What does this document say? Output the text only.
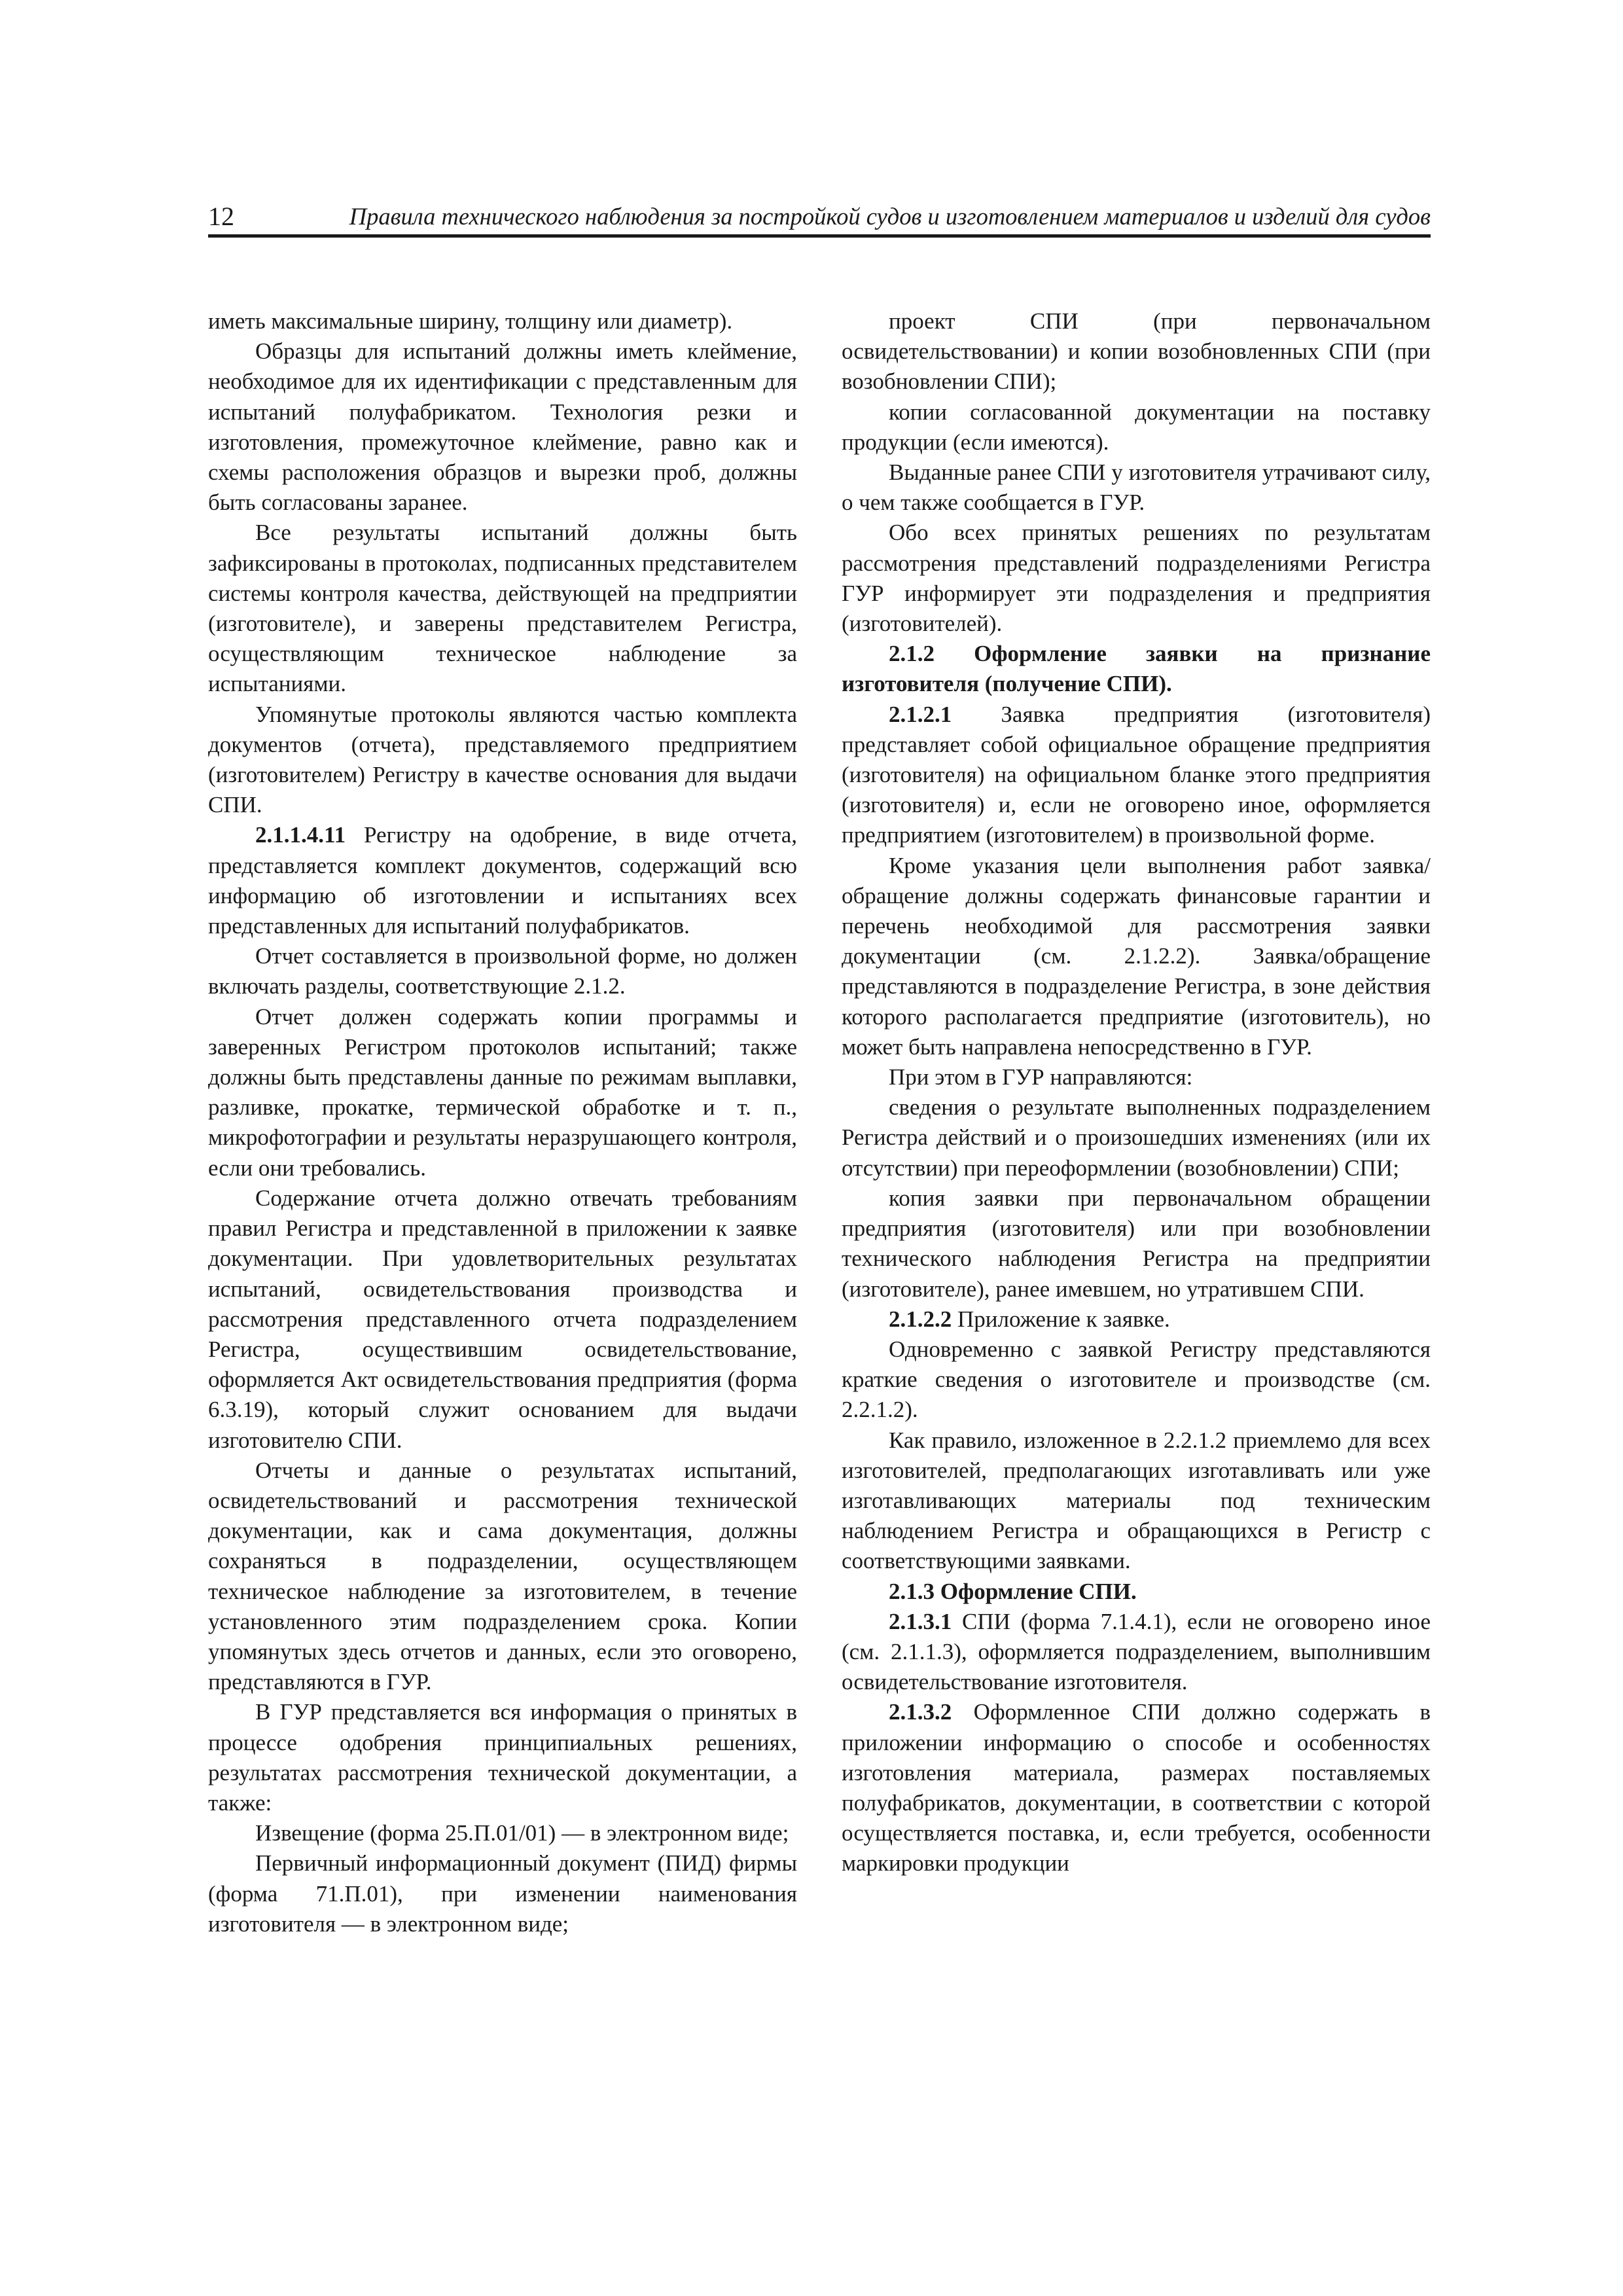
12	Правила технического наблюдения за постройкой судов и изготовлением материалов и изделий для судов

иметь максимальные ширину, толщину или диаметр).

Образцы для испытаний должны иметь клеймение, необходимое для их идентификации с представленным для испытаний полуфабрикатом. Технология резки и изготовления, промежуточное клеймение, равно как и схемы расположения образцов и вырезки проб, должны быть согласованы заранее.

Все результаты испытаний должны быть зафиксированы в протоколах, подписанных представителем системы контроля качества, действующей на предприятии (изготовителе), и заверены представителем Регистра, осуществляющим техническое наблюдение за испытаниями.

Упомянутые протоколы являются частью комплекта документов (отчета), представляемого предприятием (изготовителем) Регистру в качестве основания для выдачи СПИ.

2.1.1.4.11 Регистру на одобрение, в виде отчета, представляется комплект документов, содержащий всю информацию об изготовлении и испытаниях всех представленных для испытаний полуфабрикатов.

Отчет составляется в произвольной форме, но должен включать разделы, соответствующие 2.1.2.

Отчет должен содержать копии программы и заверенных Регистром протоколов испытаний; также должны быть представлены данные по режимам выплавки, разливке, прокатке, термической обработке и т. п., микрофотографии и результаты неразрушающего контроля, если они требовались.

Содержание отчета должно отвечать требованиям правил Регистра и представленной в приложении к заявке документации. При удовлетворительных результатах испытаний, освидетельствования производства и рассмотрения представленного отчета подразделением Регистра, осуществившим освидетельствование, оформляется Акт освидетельствования предприятия (форма 6.3.19), который служит основанием для выдачи изготовителю СПИ.

Отчеты и данные о результатах испытаний, освидетельствований и рассмотрения технической документации, как и сама документация, должны сохраняться в подразделении, осуществляющем техническое наблюдение за изготовителем, в течение установленного этим подразделением срока. Копии упомянутых здесь отчетов и данных, если это оговорено, представляются в ГУР.

В ГУР представляется вся информация о принятых в процессе одобрения принципиальных решениях, результатах рассмотрения технической документации, а также:

Извещение (форма 25.П.01/01) — в электронном виде;

Первичный информационный документ (ПИД) фирмы (форма 71.П.01), при изменении наименования изготовителя — в электронном виде;

проект СПИ (при первоначальном освидетельствовании) и копии возобновленных СПИ (при возобновлении СПИ);

копии согласованной документации на поставку продукции (если имеются).

Выданные ранее СПИ у изготовителя утрачивают силу, о чем также сообщается в ГУР.

Обо всех принятых решениях по результатам рассмотрения представлений подразделениями Регистра ГУР информирует эти подразделения и предприятия (изготовителей).

2.1.2 Оформление заявки на признание изготовителя (получение СПИ).

2.1.2.1 Заявка предприятия (изготовителя) представляет собой официальное обращение предприятия (изготовителя) на официальном бланке этого предприятия (изготовителя) и, если не оговорено иное, оформляется предприятием (изготовителем) в произвольной форме.

Кроме указания цели выполнения работ заявка/обращение должны содержать финансовые гарантии и перечень необходимой для рассмотрения заявки документации (см. 2.1.2.2). Заявка/обращение представляются в подразделение Регистра, в зоне действия которого располагается предприятие (изготовитель), но может быть направлена непосредственно в ГУР.

При этом в ГУР направляются:

сведения о результате выполненных подразделением Регистра действий и о произошедших изменениях (или их отсутствии) при переоформлении (возобновлении) СПИ;

копия заявки при первоначальном обращении предприятия (изготовителя) или при возобновлении технического наблюдения Регистра на предприятии (изготовителе), ранее имевшем, но утратившем СПИ.

2.1.2.2 Приложение к заявке.

Одновременно с заявкой Регистру представляются краткие сведения о изготовителе и производстве (см. 2.2.1.2).

Как правило, изложенное в 2.2.1.2 приемлемо для всех изготовителей, предполагающих изготавливать или уже изготавливающих материалы под техническим наблюдением Регистра и обращающихся в Регистр с соответствующими заявками.

2.1.3 Оформление СПИ.

2.1.3.1 СПИ (форма 7.1.4.1), если не оговорено иное (см. 2.1.1.3), оформляется подразделением, выполнившим освидетельствование изготовителя.

2.1.3.2 Оформленное СПИ должно содержать в приложении информацию о способе и особенностях изготовления материала, размерах поставляемых полуфабрикатов, документации, в соответствии с которой осуществляется поставка, и, если требуется, особенности маркировки продукции
